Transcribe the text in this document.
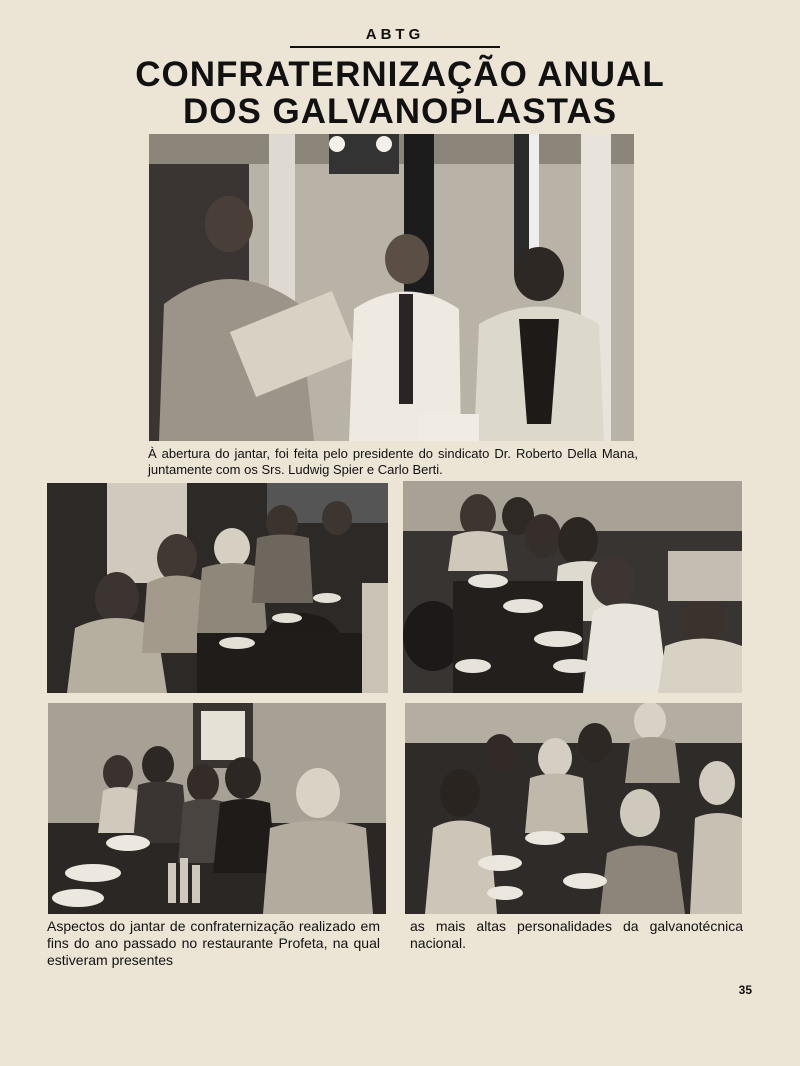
ABTG
CONFRATERNIZAÇÃO ANUAL
DOS GALVANOPLASTAS

À abertura do jantar, foi feita pelo presidente do sindicato Dr. Roberto Della Mana, juntamente com os Srs. Ludwig Spier e Carlo Berti.

Aspectos do jantar de confraternização realizado em fins do ano passado no restaurante Profeta, na qual estiveram presentes
as mais altas personalidades da galvanotécnica nacional.
35
